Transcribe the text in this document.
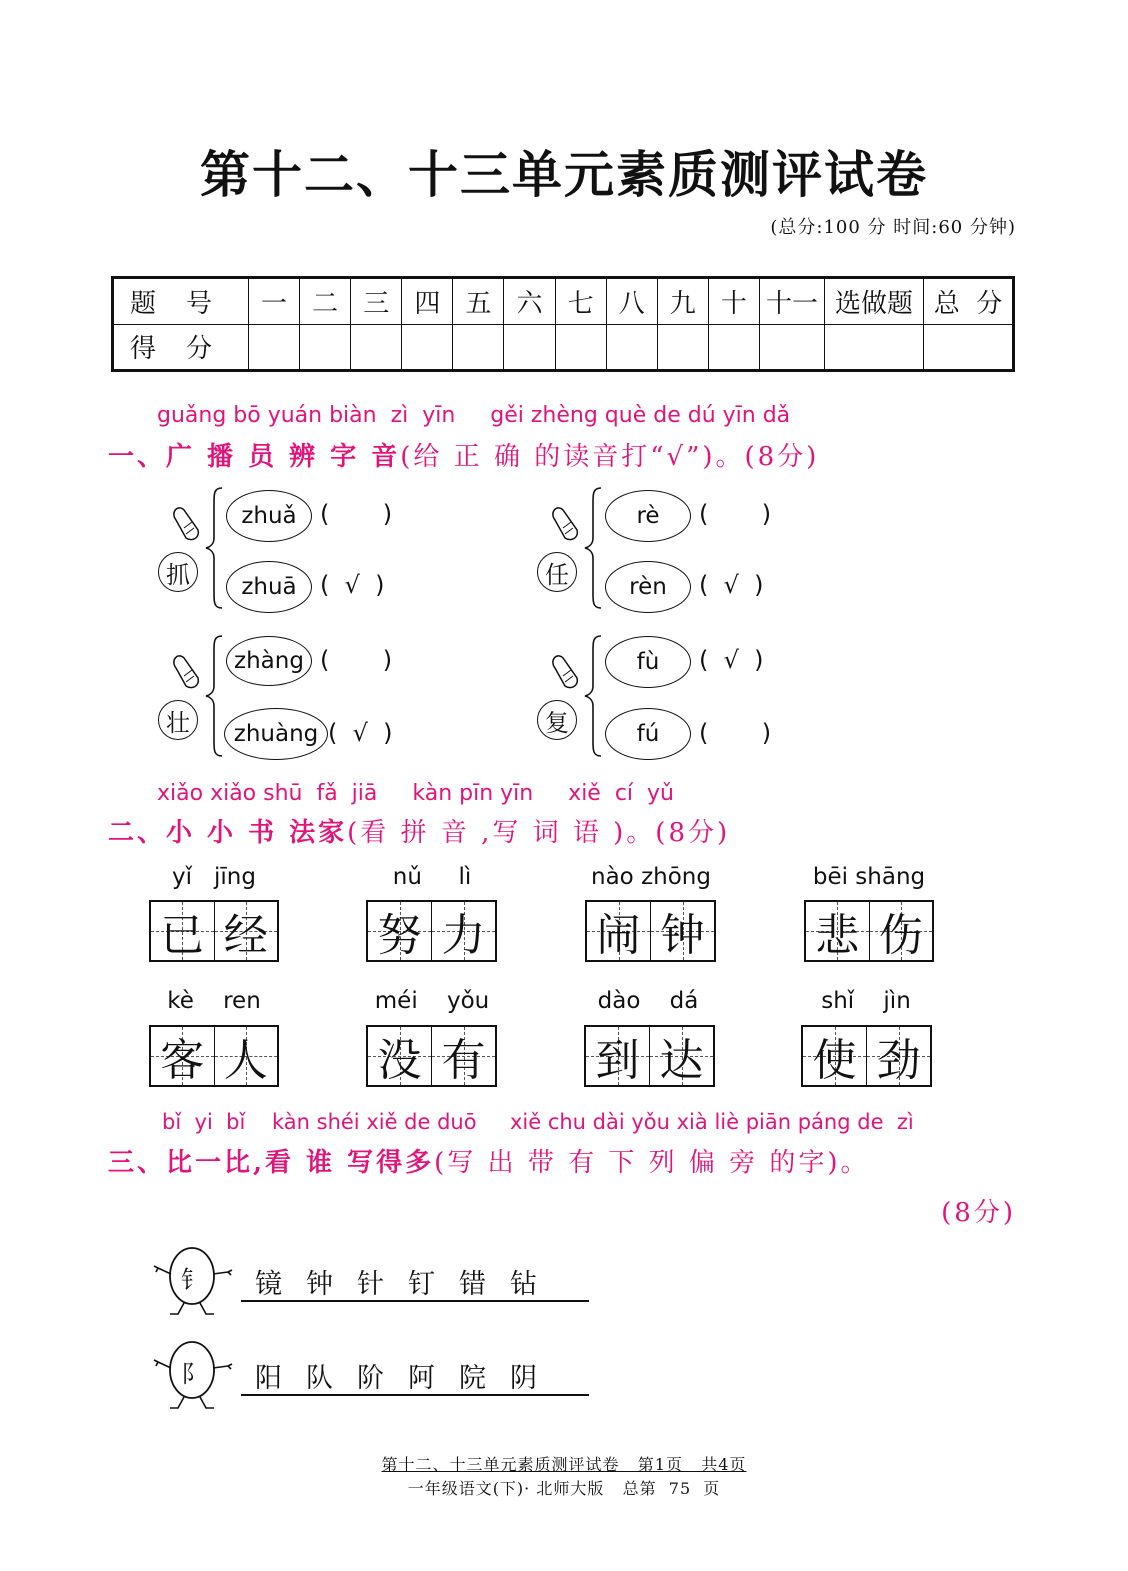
第十二、十三单元素质测评试卷
(总分:100 分 时间:60 分钟)
题号	一	二	三	四	五	六	七	八	九	十	十一	选做题	总  分
得分													
guǎng bō yuán biàn  zì  yīn     gěi zhèng què de dú yīn dǎ
一、广 播 员 辨 字 音(给 正 确 的读音打“√”)。(8分)
抓
zhuǎ (       )
zhuā (  √  )	任
rè	(       )
rèn	(  √  )
壮
zhàng (       )
zhuàng (  √  )	复
fù	(  √  )
fú	(       )
xiǎo xiǎo shū  fǎ  jiā     kàn pīn yīn     xiě  cí  yǔ
二、小 小 书 法家(看 拼 音 ,写 词 语 )。(8分)
yǐ   jīng
已 经
nǔ     lì
努 力
nào zhōng
闹 钟
bēi shāng
悲 伤
kè    ren
客 人
méi    yǒu
没 有
dào    dá
到 达
shǐ    jìn
使 劲
bǐ  yi  bǐ    kàn shéi xiě de duō     xiě chu dài yǒu xià liè piān páng de  zì
三、比一比,看 谁 写得多(写 出 带 有 下 列 偏 旁 的字)。
(8分)
钅	镜钟针钉错钻
阝	阳队阶阿院阴
第十二、十三单元素质测评试卷   第1页   共4页
一年级语文(下)· 北师大版   总第  75  页
